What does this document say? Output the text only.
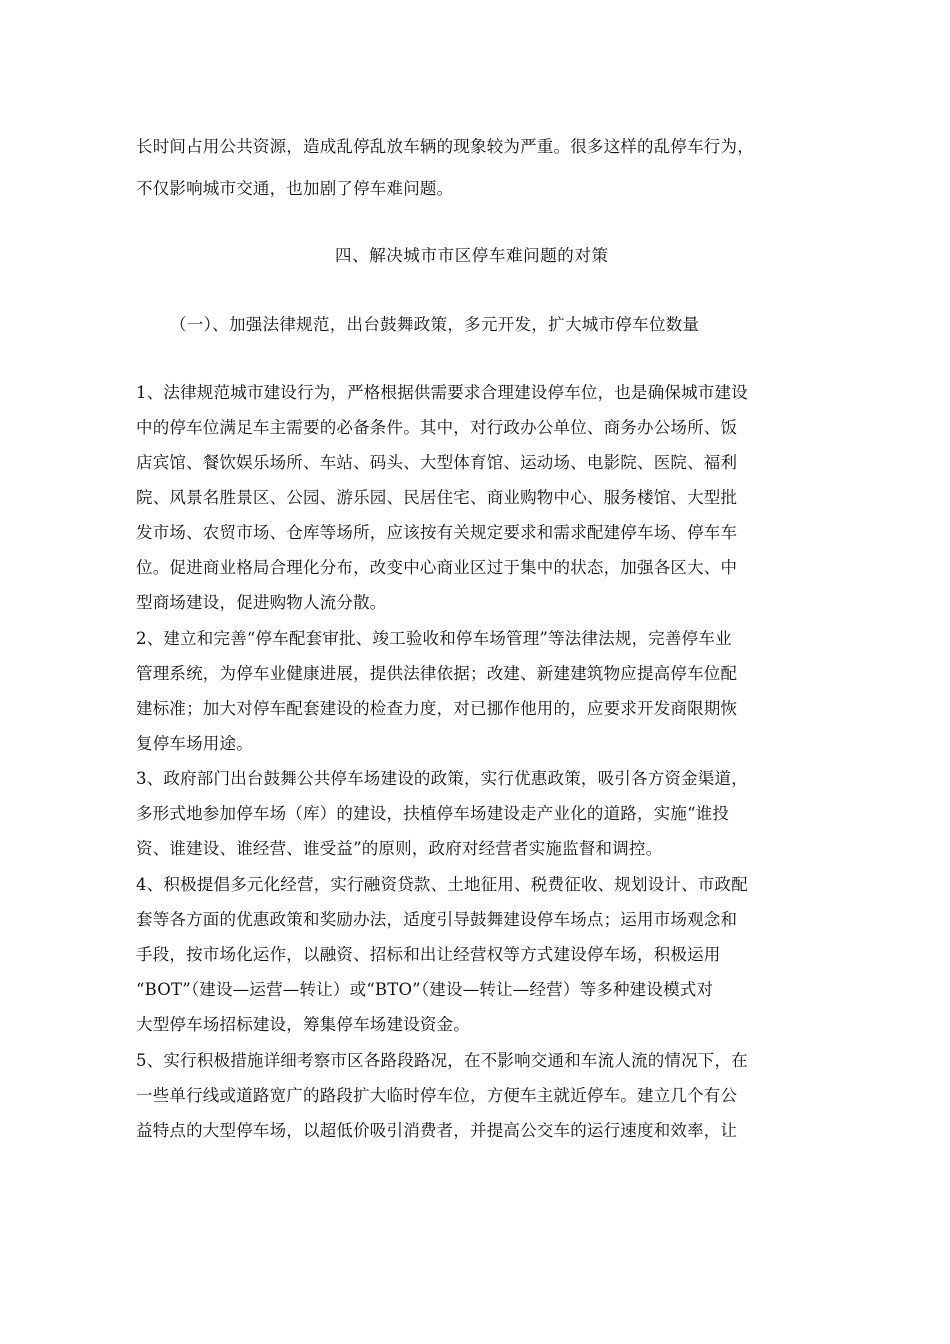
长时间占用公共资源，造成乱停乱放车辆的现象较为严重。很多这样的乱停车行为，
不仅影响城市交通，也加剧了停车难问题。
四、解决城市市区停车难问题的对策
（一）、加强法律规范，出台鼓舞政策，多元开发，扩大城市停车位数量
1、法律规范城市建设行为，严格根据供需要求合理建设停车位，也是确保城市建设
中的停车位满足车主需要的必备条件。其中，对行政办公单位、商务办公场所、饭
店宾馆、餐饮娱乐场所、车站、码头、大型体育馆、运动场、电影院、医院、福利
院、风景名胜景区、公园、游乐园、民居住宅、商业购物中心、服务楼馆、大型批
发市场、农贸市场、仓库等场所，应该按有关规定要求和需求配建停车场、停车车
位。促进商业格局合理化分布，改变中心商业区过于集中的状态，加强各区大、中
型商场建设，促进购物人流分散。
2、建立和完善“停车配套审批、竣工验收和停车场管理”等法律法规，完善停车业
管理系统，为停车业健康进展，提供法律依据；改建、新建建筑物应提高停车位配
建标准；加大对停车配套建设的检查力度，对已挪作他用的，应要求开发商限期恢
复停车场用途。
3、政府部门出台鼓舞公共停车场建设的政策，实行优惠政策，吸引各方资金渠道，
多形式地参加停车场（库）的建设，扶植停车场建设走产业化的道路，实施“谁投
资、谁建设、谁经营、谁受益”的原则，政府对经营者实施监督和调控。
4、积极提倡多元化经营，实行融资贷款、土地征用、税费征收、规划设计、市政配
套等各方面的优惠政策和奖励办法，适度引导鼓舞建设停车场点；运用市场观念和
手段，按市场化运作，以融资、招标和出让经营权等方式建设停车场，积极运用
“BOT”（建设—运营—转让）或“BTO”（建设—转让—经营）等多种建设模式对
大型停车场招标建设，筹集停车场建设资金。
5、实行积极措施详细考察市区各路段路况，在不影响交通和车流人流的情况下，在
一些单行线或道路宽广的路段扩大临时停车位，方便车主就近停车。建立几个有公
益特点的大型停车场，以超低价吸引消费者，并提高公交车的运行速度和效率，让
